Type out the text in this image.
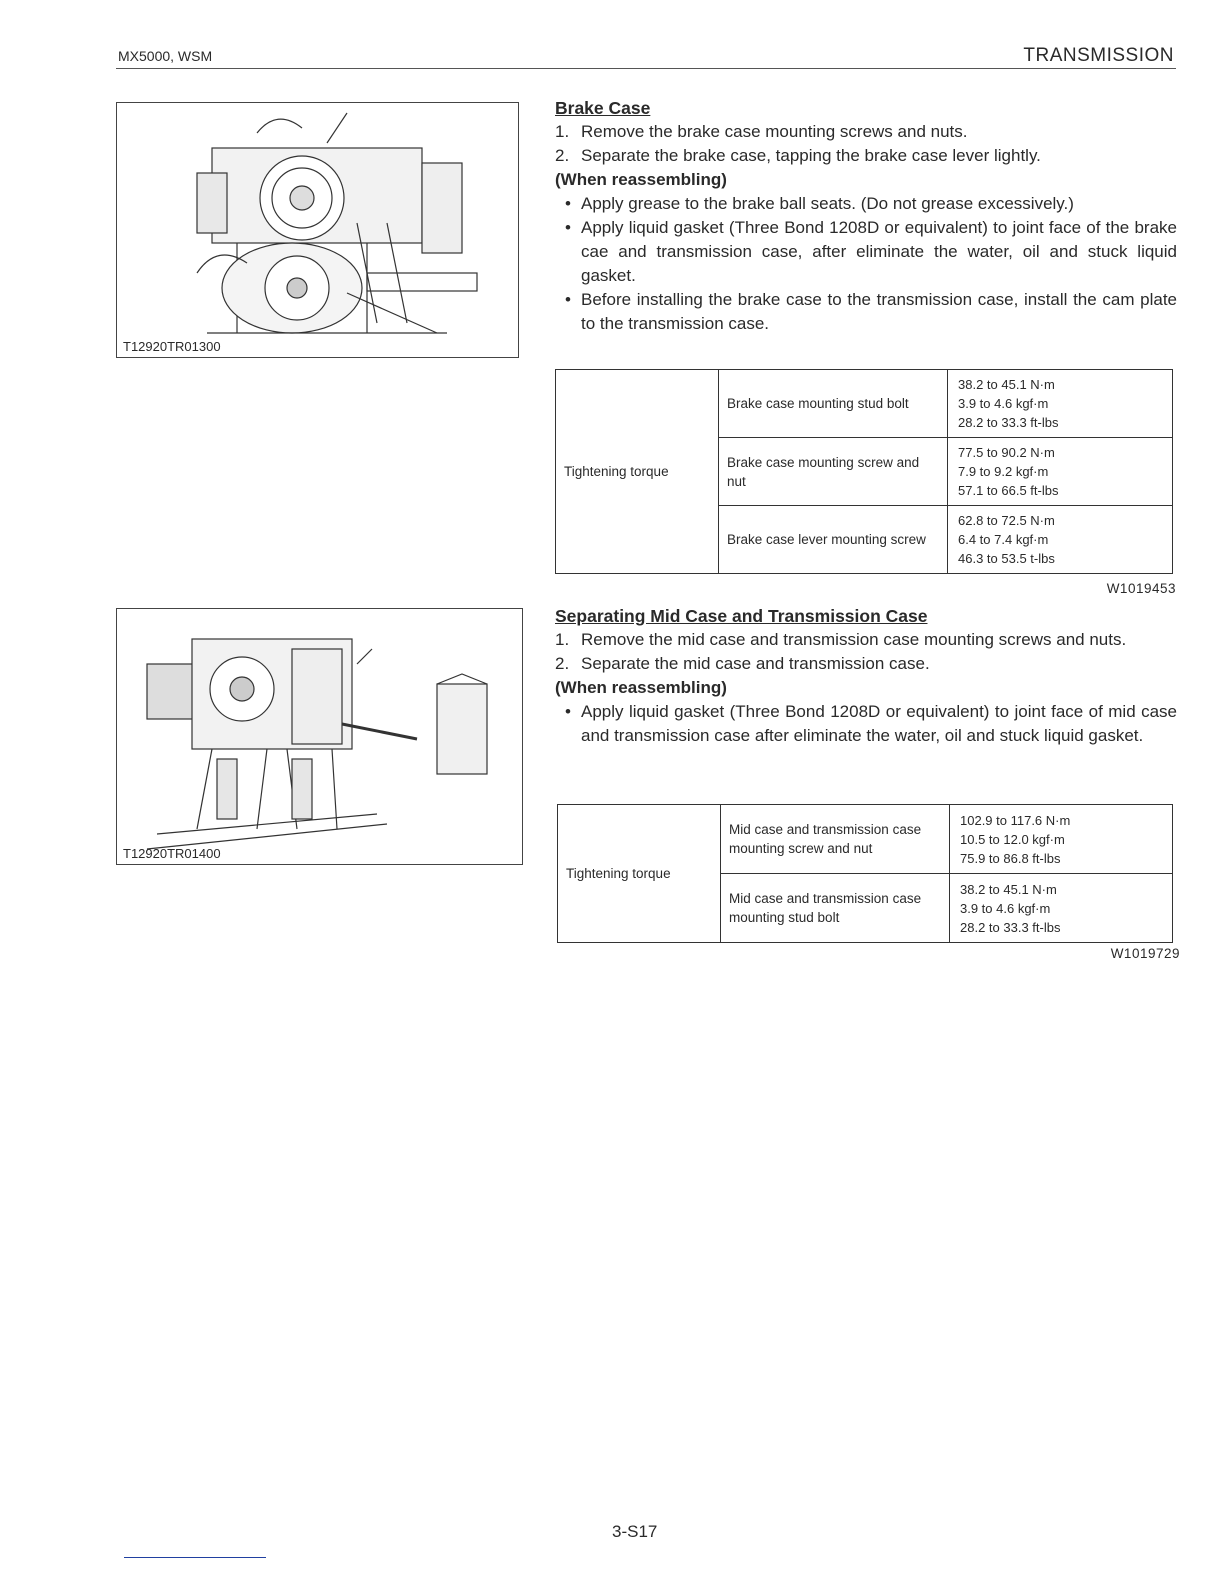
MX5000, WSM	TRANSMISSION
T12920TR01300
T12920TR01400
Brake Case
1. Remove the brake case mounting screws and nuts.
2. Separate the brake case, tapping the brake case lever lightly.
(When reassembling)
• Apply grease to the brake ball seats. (Do not grease excessively.)
• Apply liquid gasket (Three Bond 1208D or equivalent) to joint face of the brake cae and transmission case, after eliminate the water, oil and stuck liquid gasket.
• Before installing the brake case to the transmission case, install the cam plate to the transmission case.
Tightening torque	Brake case mounting stud bolt	38.2 to 45.1 N·m
3.9 to 4.6 kgf·m
28.2 to 33.3 ft-lbs

	Brake case mounting screw and nut	77.5 to 90.2 N·m
7.9 to 9.2 kgf·m
57.1 to 66.5 ft-lbs

	Brake case lever mounting screw	62.8 to 72.5 N·m
6.4 to 7.4 kgf·m
46.3 to 53.5 t-lbs
W1019453
Separating Mid Case and Transmission Case
1. Remove the mid case and transmission case mounting screws and nuts.
2. Separate the mid case and transmission case.
(When reassembling)
• Apply liquid gasket (Three Bond 1208D or equivalent) to joint face of mid case and transmission case after eliminate the water, oil and stuck liquid gasket.
Tightening torque	Mid case and transmission case mounting screw and nut	102.9 to 117.6 N·m
10.5 to 12.0 kgf·m
75.9 to 86.8 ft-lbs

	Mid case and transmission case mounting stud bolt	38.2 to 45.1 N·m
3.9 to 4.6 kgf·m
28.2 to 33.3 ft-lbs
W1019729
3-S17
